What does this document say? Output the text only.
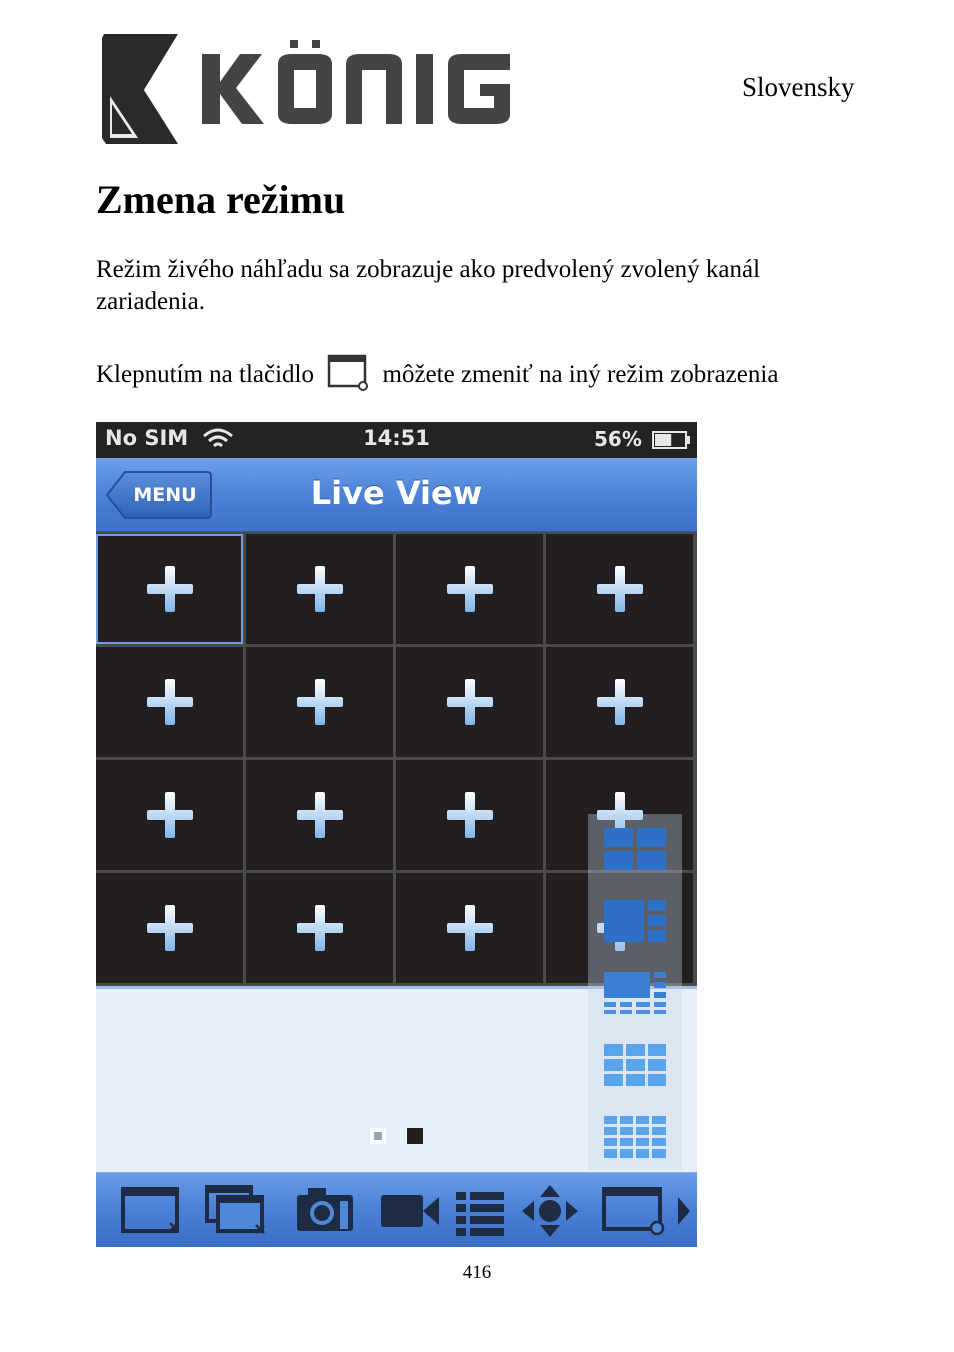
Slovensky
Zmena režimu

Režim živého náhľadu sa zobrazuje ako predvolený zvolený kanál zariadenia.

Klepnutím na tlačidlo	môžete zmeniť na iný režim zobrazenia

No SIM	14:51	56%
MENU	Live View
416
